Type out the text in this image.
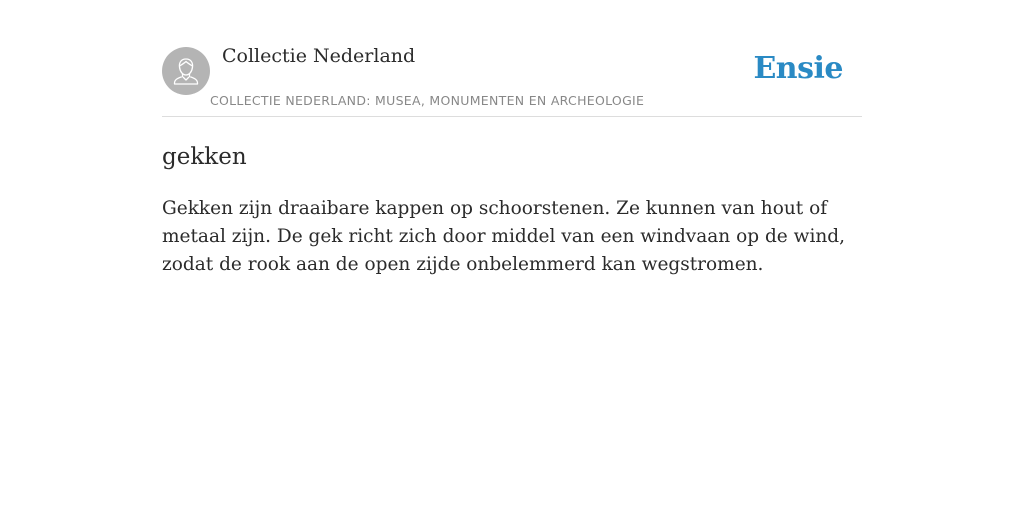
Collectie Nederland
COLLECTIE NEDERLAND: MUSEA, MONUMENTEN EN ARCHEOLOGIE
Ensie
gekken

Gekken zijn draaibare kappen op schoorstenen. Ze kunnen van hout of metaal zijn. De gek richt zich door middel van een windvaan op de wind, zodat de rook aan de open zijde onbelemmerd kan wegstromen.
